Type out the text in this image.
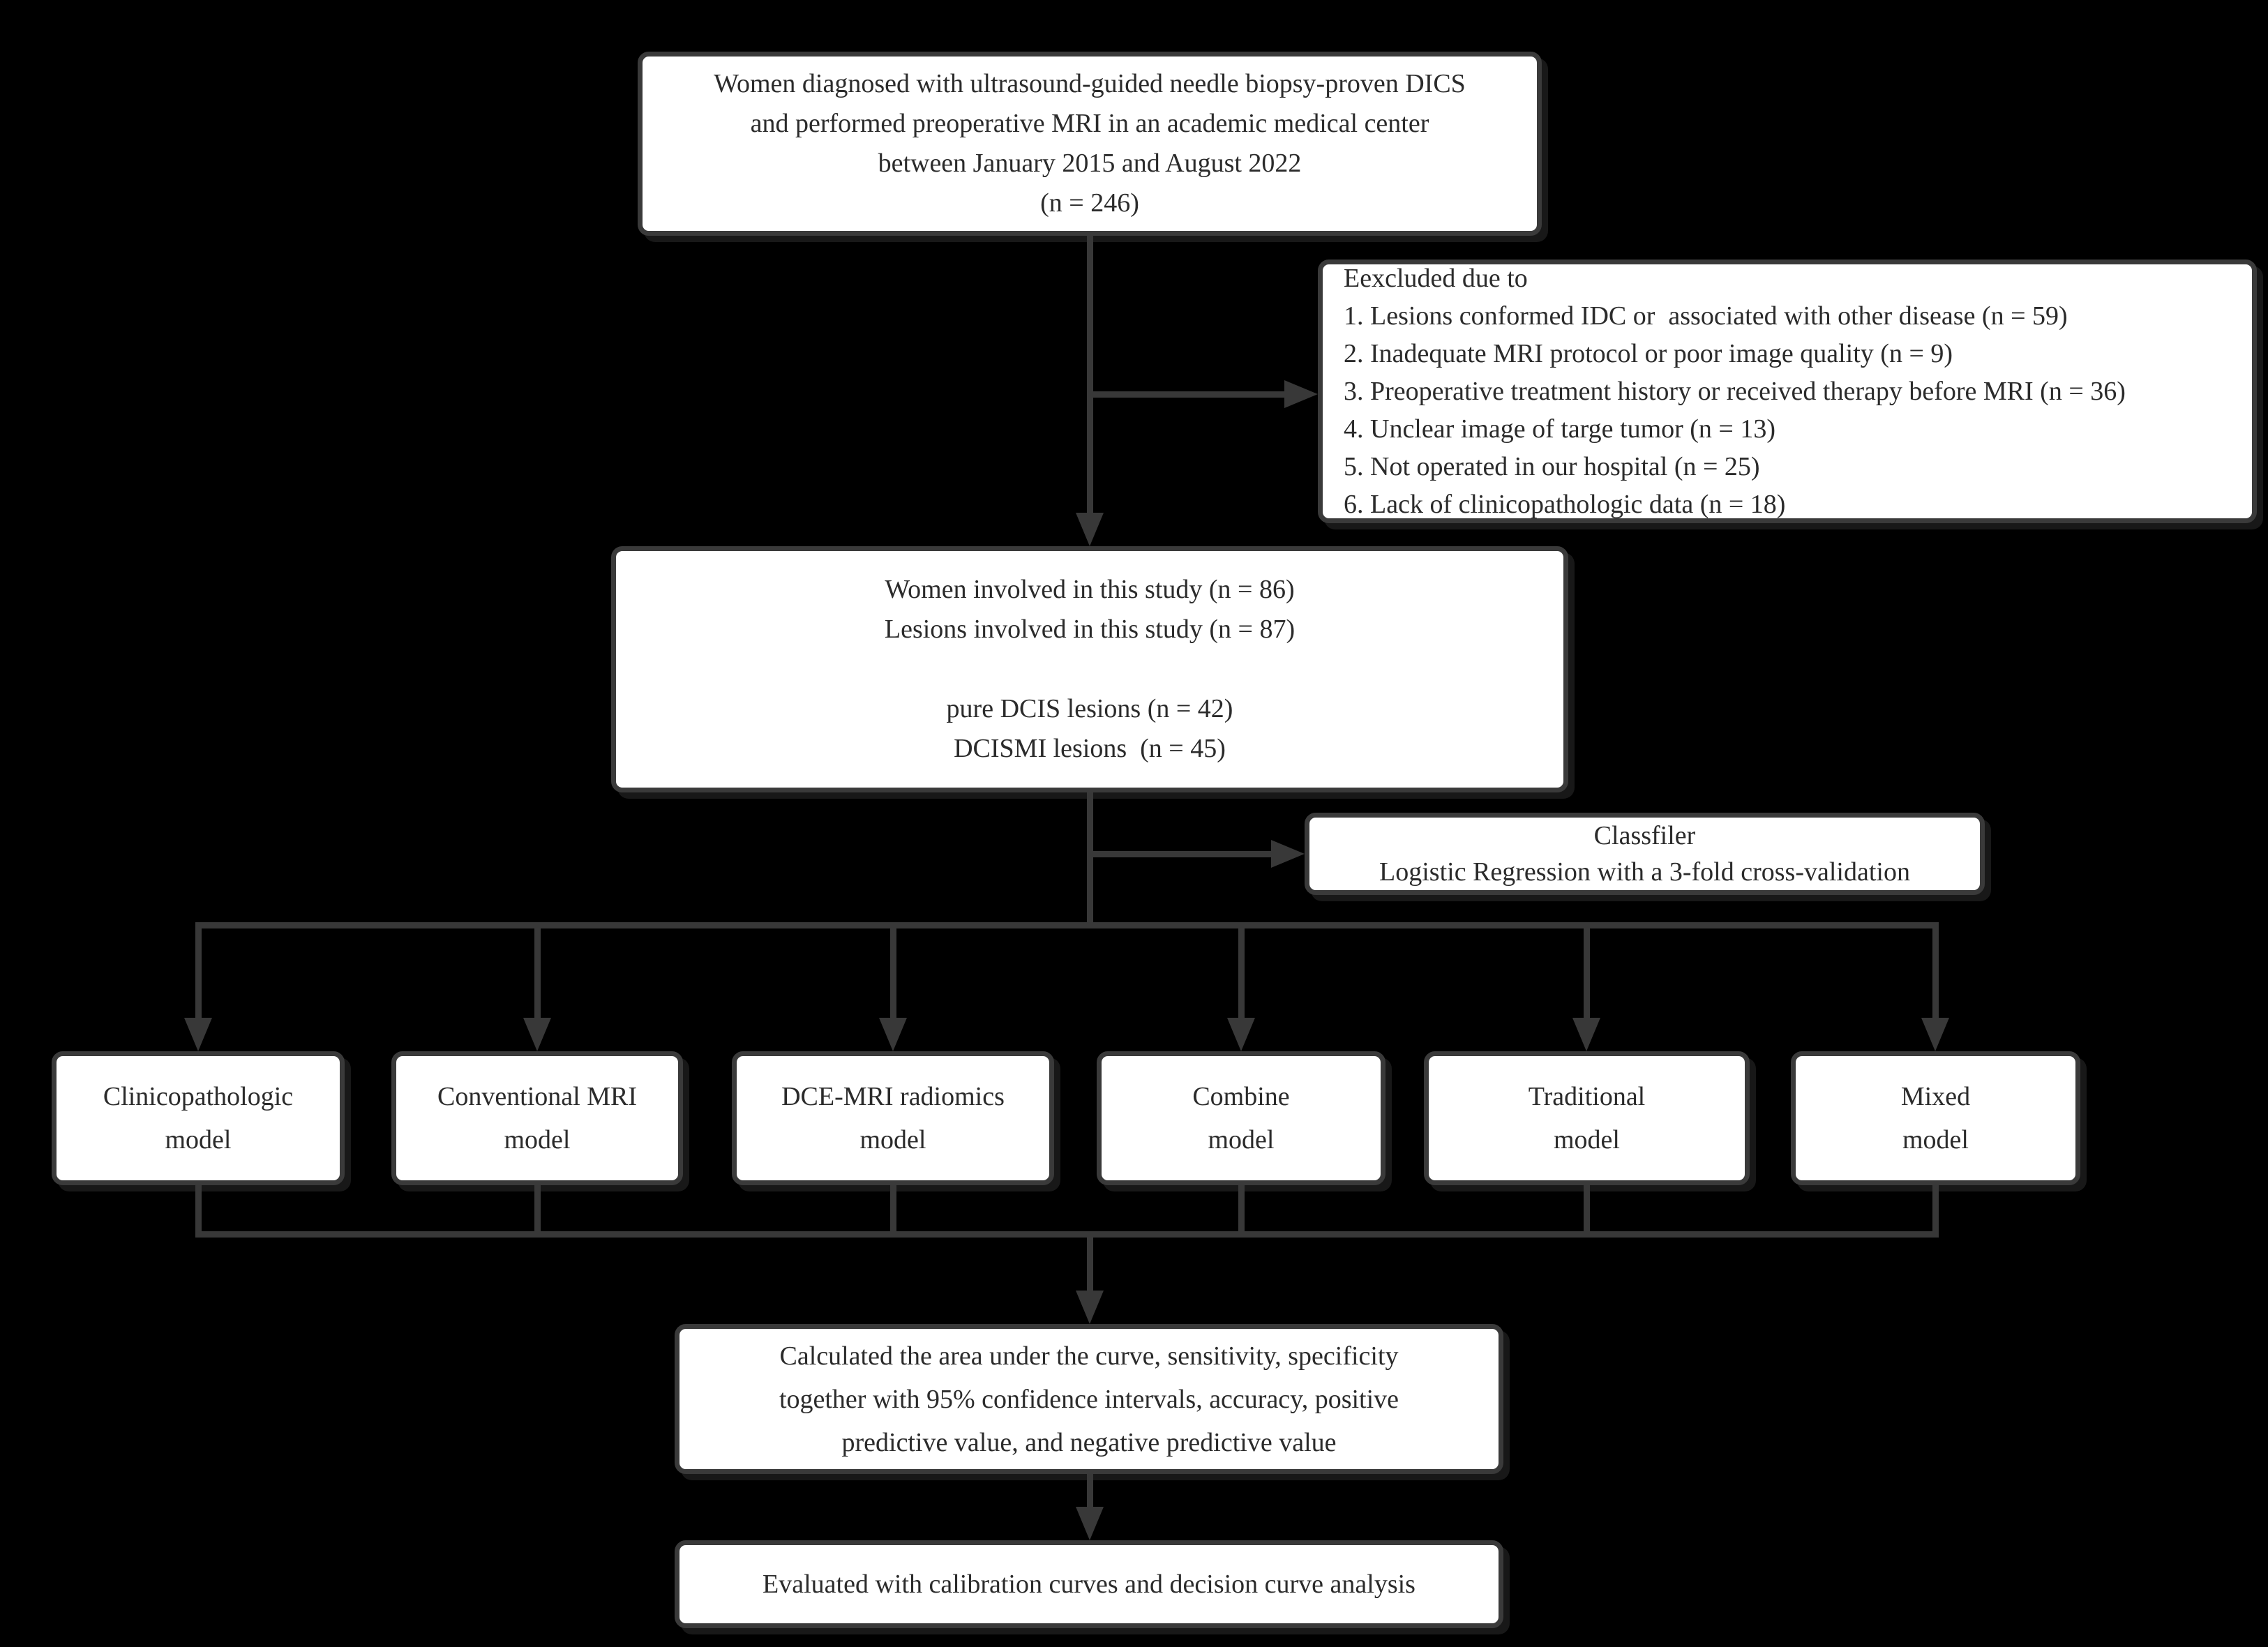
Women diagnosed with ultrasound-guided needle biopsy-proven DICS
and performed preoperative MRI in an academic medical center
between January 2015 and August 2022
(n = 246)
Eexcluded due to
1. Lesions conformed IDC or  associated with other disease (n = 59)
2. Inadequate MRI protocol or poor image quality (n = 9)
3. Preoperative treatment history or received therapy before MRI (n = 36)
4. Unclear image of targe tumor (n = 13)
5. Not operated in our hospital (n = 25)
6. Lack of clinicopathologic data (n = 18)
Women involved in this study (n = 86)
Lesions involved in this study (n = 87)
pure DCIS lesions (n = 42)
DCISMI lesions  (n = 45)
Classfiler
Logistic Regression with a 3-fold cross-validation
Clinicopathologic
model
Conventional MRI
model
DCE-MRI radiomics
model
Combine
model
Traditional
model
Mixed
model
Calculated the area under the curve, sensitivity, specificity
together with 95% confidence intervals, accuracy, positive
predictive value, and negative predictive value
Evaluated with calibration curves and decision curve analysis
